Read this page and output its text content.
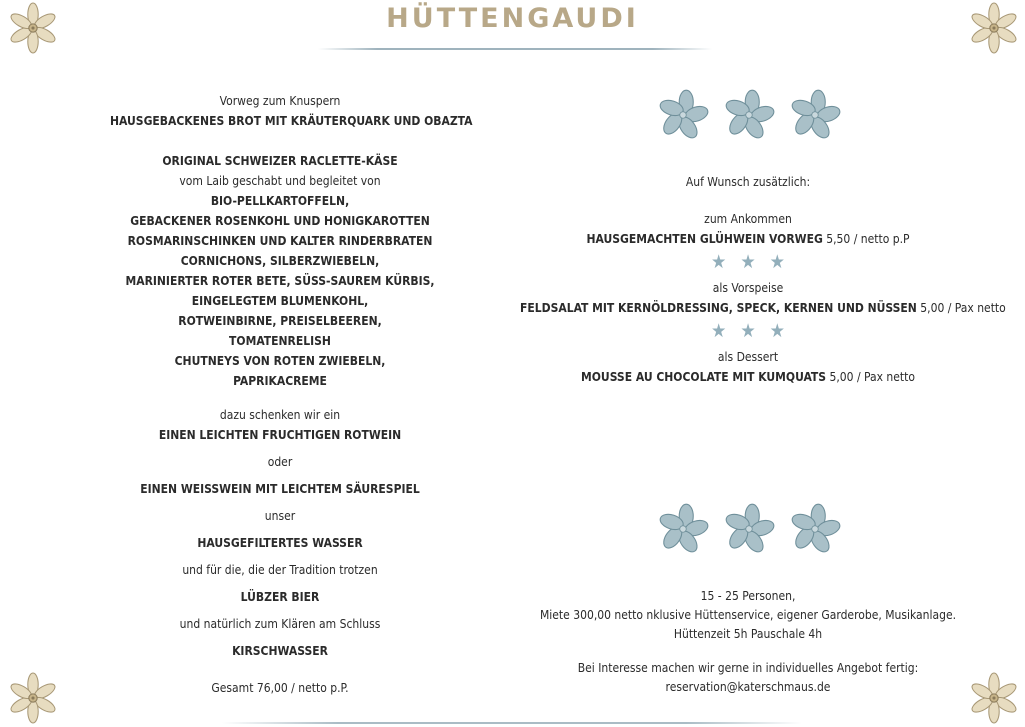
HÜTTENGAUDI
Vorweg zum Knuspern
HAUSGEBACKENES BROT MIT KRÄUTERQUARK UND OBAZTA
ORIGINAL SCHWEIZER RACLETTE-KÄSE
vom Laib geschabt und begleitet von
BIO-PELLKARTOFFELN,
GEBACKENER ROSENKOHL UND HONIGKAROTTEN
ROSMARINSCHINKEN UND KALTER RINDERBRATEN
CORNICHONS, SILBERZWIEBELN,
MARINIERTER ROTER BETE, SÜSS-SAUREM KÜRBIS,
EINGELEGTEM BLUMENKOHL,
ROTWEINBIRNE, PREISELBEEREN,
TOMATENRELISH
CHUTNEYS VON ROTEN ZWIEBELN,
PAPRIKACREME
dazu schenken wir ein
EINEN LEICHTEN FRUCHTIGEN ROTWEIN
oder
EINEN WEISSWEIN MIT LEICHTEM SÄURESPIEL
unser
HAUSGEFILTERTES WASSER
und für die, die der Tradition trotzen
LÜBZER BIER
und natürlich zum Klären am Schluss
KIRSCHWASSER
Gesamt 76,00 / netto p.P.
Auf Wunsch zusätzlich:
zum Ankommen
HAUSGEMACHTEN GLÜHWEIN VORWEG 5,50 / netto p.P
★ ★ ★
als Vorspeise
FELDSALAT MIT KERNÖLDRESSING, SPECK, KERNEN UND NÜSSEN 5,00 / Pax netto
★ ★ ★
als Dessert
MOUSSE AU CHOCOLATE MIT KUMQUATS 5,00 / Pax netto
15 - 25 Personen,
Miete 300,00 netto nklusive Hüttenservice, eigener Garderobe, Musikanlage.
Hüttenzeit 5h Pauschale 4h
Bei Interesse machen wir gerne in individuelles Angebot fertig:
reservation@katerschmaus.de
